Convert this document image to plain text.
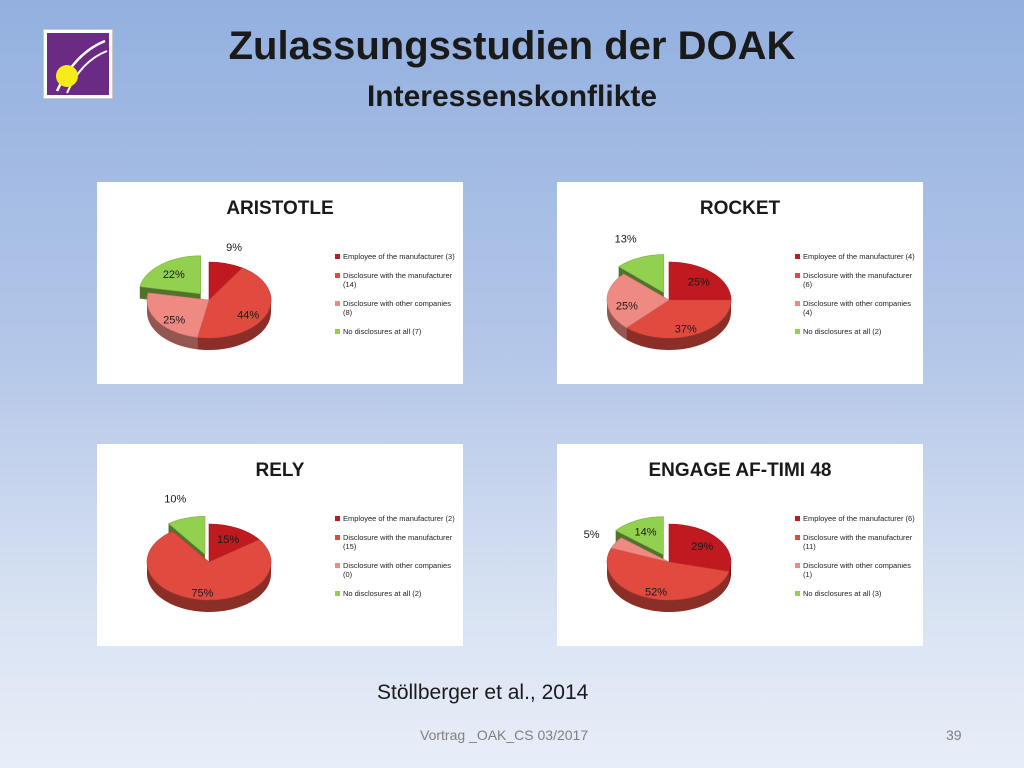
Zulassungsstudien der DOAK
Interessenskonflikte
9%
44%
25%
22%
ARISTOTLE
Employee of the manufacturer (3)
Disclosure with the manufacturer (14)
Disclosure with other companies (8)
No disclosures at all (7)
25%
37%
25%
13%
ROCKET
Employee of the manufacturer (4)
Disclosure with the manufacturer (6)
Disclosure with other companies (4)
No disclosures at all (2)
15%
75%
10%
RELY
Employee of the manufacturer (2)
Disclosure with the manufacturer (15)
Disclosure with other companies (0)
No disclosures at all (2)
29%
52%
5%	14%
ENGAGE AF-TIMI 48
Employee of the manufacturer (6)
Disclosure with the manufacturer (11)
Disclosure with other companies (1)
No disclosures at all (3)
Stöllberger et al., 2014
Vortrag _OAK_CS 03/2017	39
